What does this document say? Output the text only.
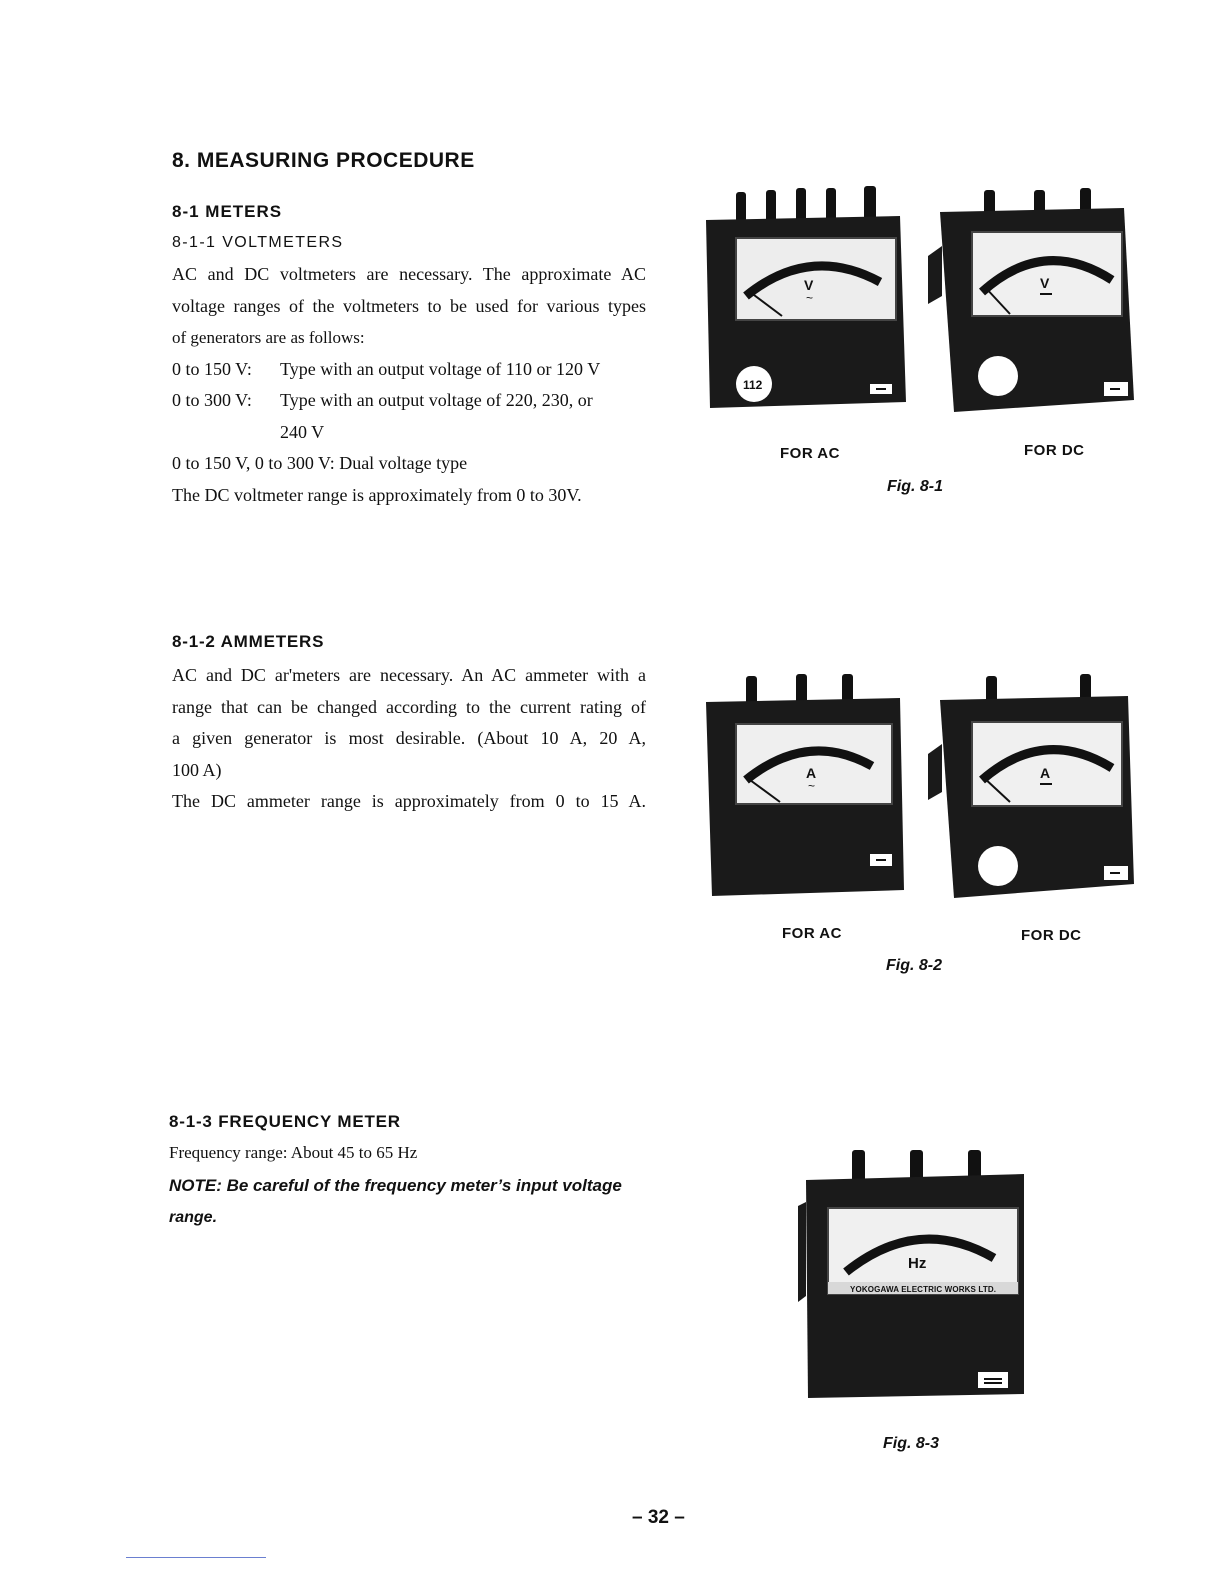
8. MEASURING PROCEDURE
8-1 METERS
8-1-1 VOLTMETERS
AC and DC voltmeters are necessary. The approximate AC
voltage ranges of the voltmeters to be used for various types
of generators are as follows:
0 to 150 V: Type with an output voltage of 110 or 120 V
0 to 300 V: Type with an output voltage of 220, 230, or
240 V
0 to 150 V, 0 to 300 V: Dual voltage type
The DC voltmeter range is approximately from 0 to 30V.
V
~
112
V
FOR AC	FOR DC
Fig. 8-1
8-1-2 AMMETERS
AC and DC ar'meters are necessary. An AC ammeter with a
range that can be changed according to the current rating of
a given generator is most desirable. (About 10 A, 20 A,
100 A)
The DC ammeter range is approximately from 0 to 15 A.
A
~
A
FOR AC	FOR DC
Fig. 8-2
8-1-3 FREQUENCY METER
Frequency range: About 45 to 65 Hz
NOTE: Be careful of the frequency meter’s input voltage
range.
Hz
YOKOGAWA ELECTRIC WORKS LTD.
Fig. 8-3
– 32 –
